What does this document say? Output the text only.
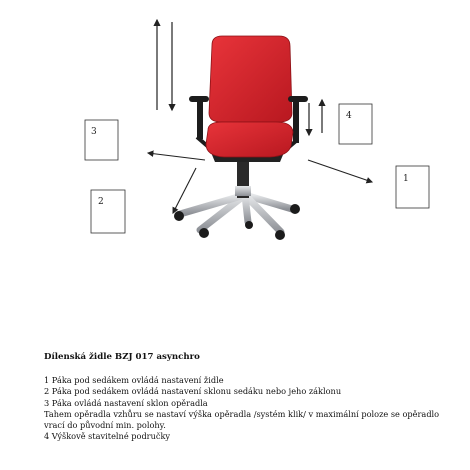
3
4
2
1

Dílenská židle BZJ 017 asynchro

1 Páka pod sedákem ovládá nastavení židle

2 Páka pod sedákem ovládá nastavení sklonu sedáku nebo jeho záklonu

3 Páka ovládá nastavení sklon opěradla

Tahem opěradla vzhůru se nastaví výška opěradla /systém klik/ v maximální poloze se opěradlo vrací do původní min. polohy.

4 Výškově stavitelné područky
